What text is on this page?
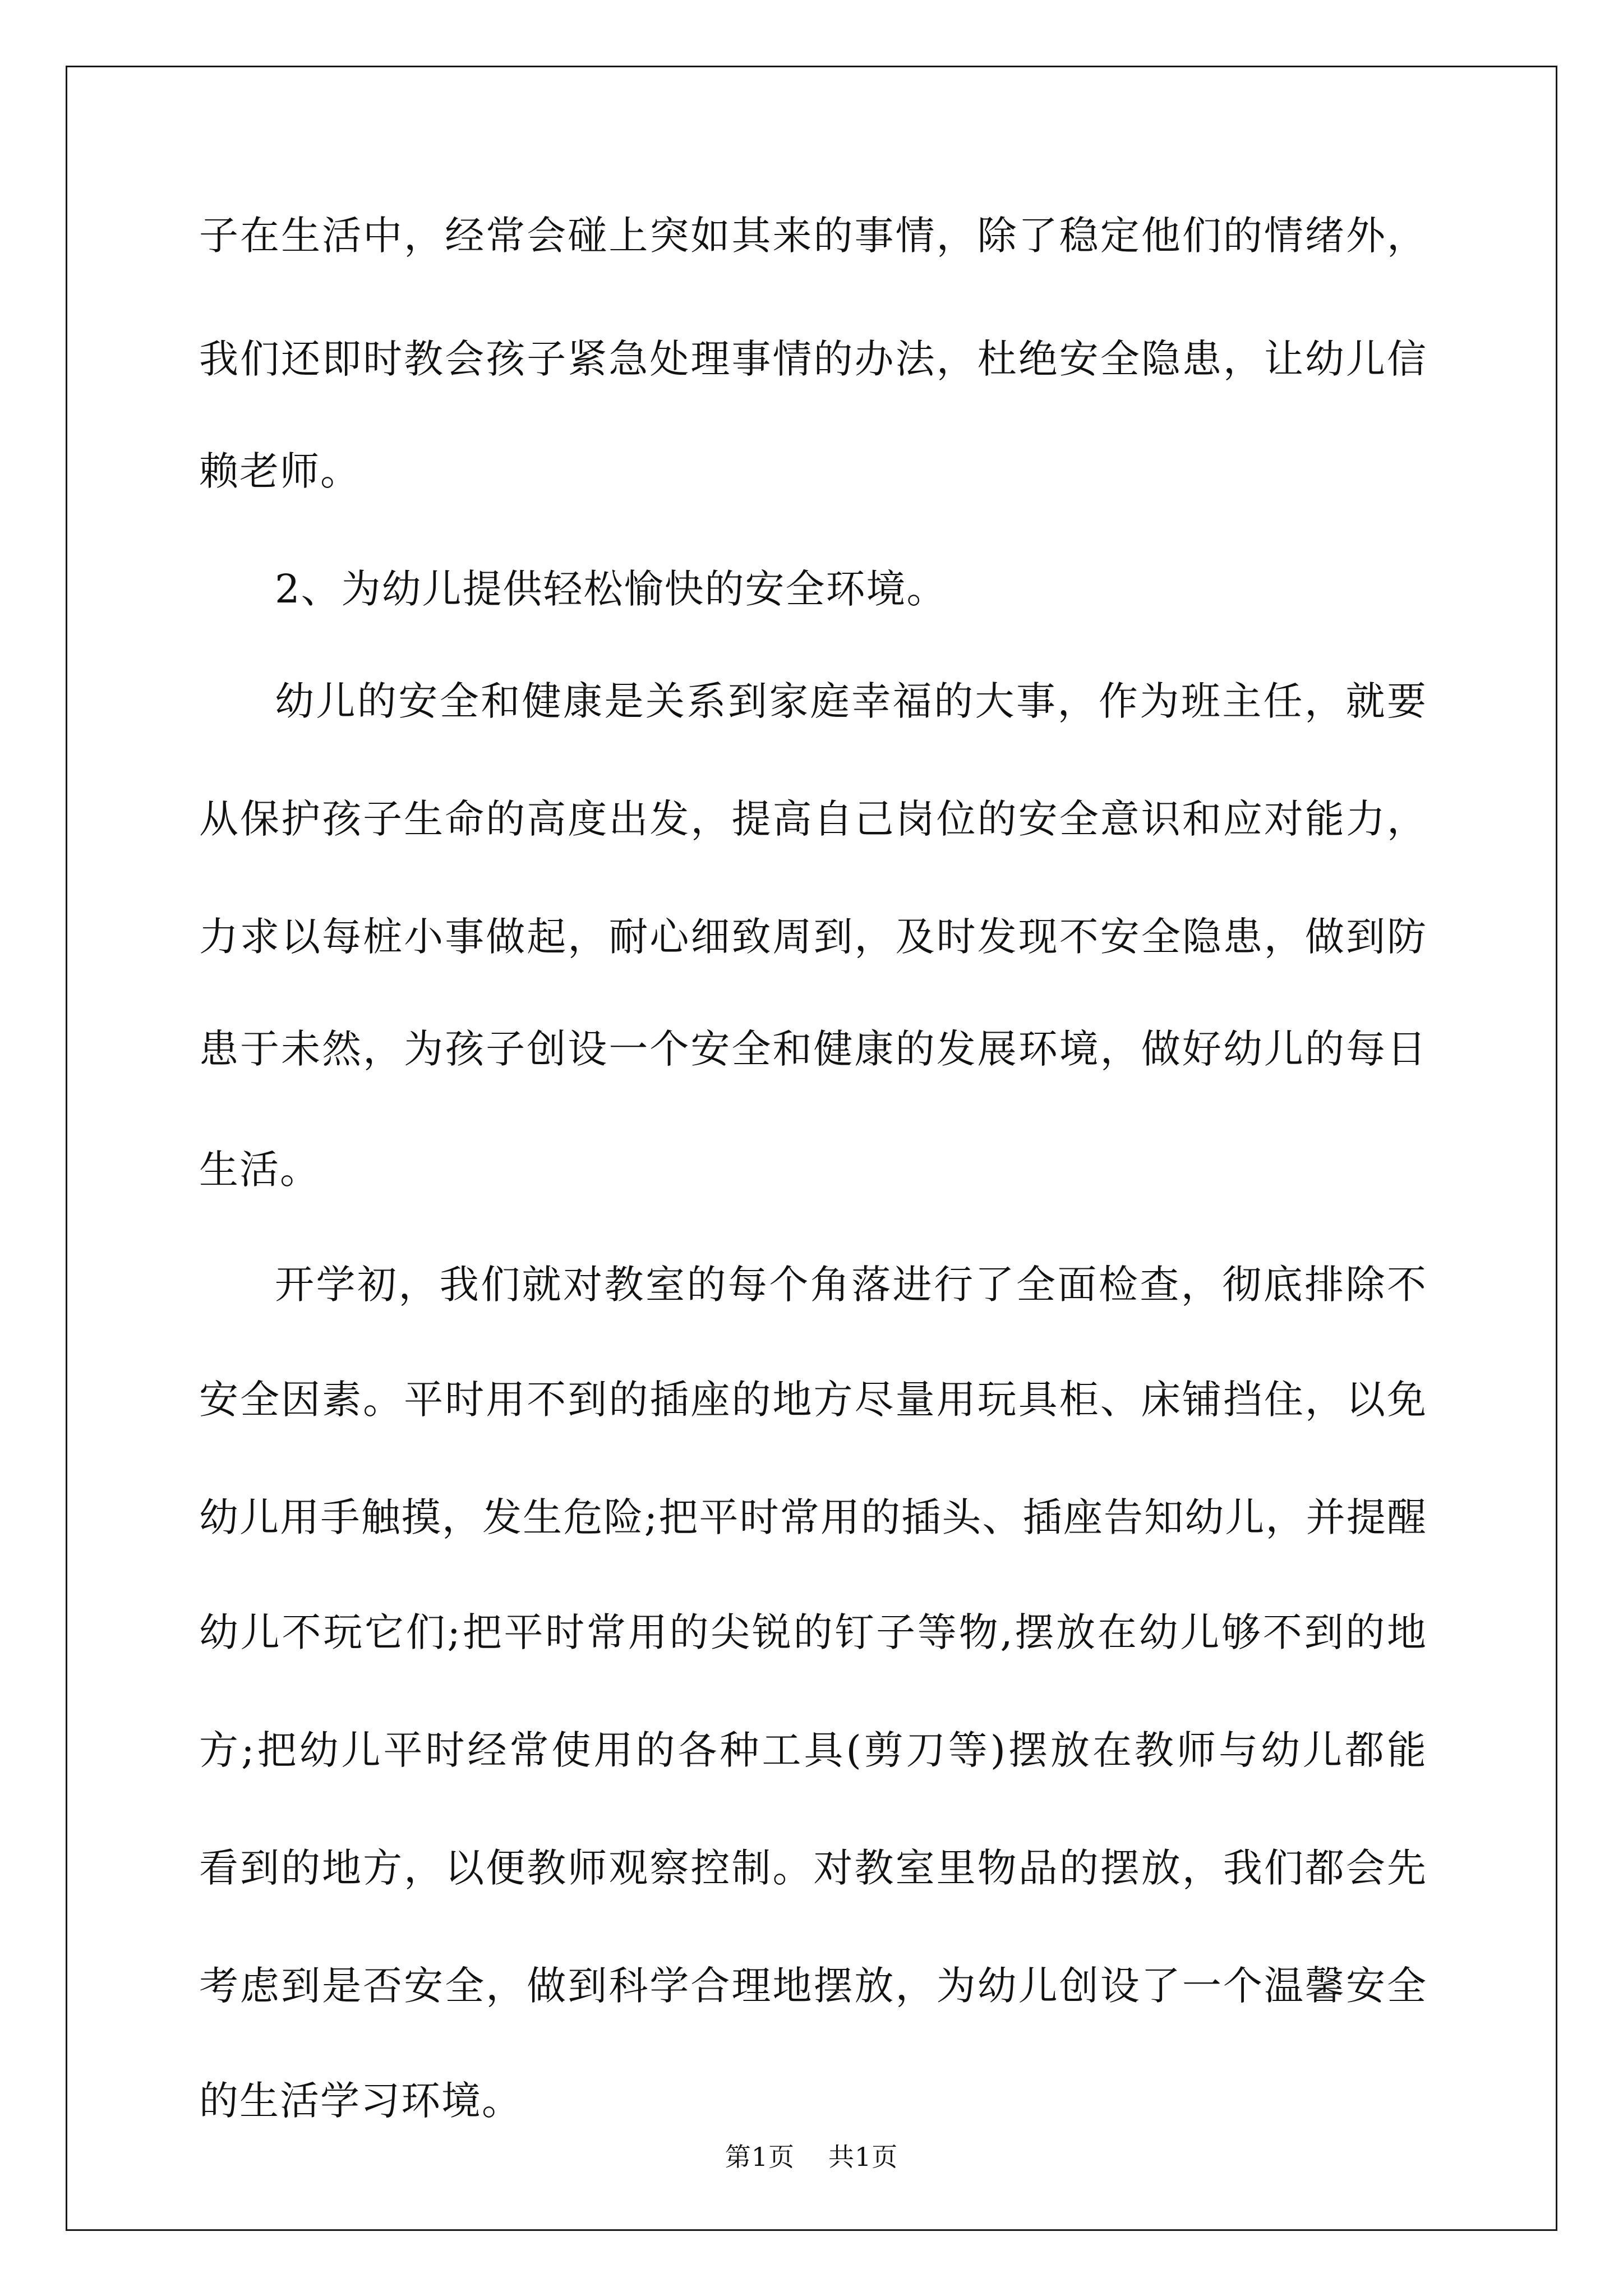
子在生活中，经常会碰上突如其来的事情，除了稳定他们的情绪外，
我们还即时教会孩子紧急处理事情的办法，杜绝安全隐患，让幼儿信
赖老师。
2、为幼儿提供轻松愉快的安全环境。
幼儿的安全和健康是关系到家庭幸福的大事，作为班主任，就要
从保护孩子生命的高度出发，提高自己岗位的安全意识和应对能力，
力求以每桩小事做起，耐心细致周到，及时发现不安全隐患，做到防
患于未然，为孩子创设一个安全和健康的发展环境，做好幼儿的每日
生活。
开学初，我们就对教室的每个角落进行了全面检查，彻底排除不
安全因素。平时用不到的插座的地方尽量用玩具柜、床铺挡住，以免
幼儿用手触摸，发生危险;把平时常用的插头、插座告知幼儿，并提醒
幼儿不玩它们;把平时常用的尖锐的钉子等物,摆放在幼儿够不到的地
方;把幼儿平时经常使用的各种工具(剪刀等)摆放在教师与幼儿都能
看到的地方，以便教师观察控制。对教室里物品的摆放，我们都会先
考虑到是否安全，做到科学合理地摆放，为幼儿创设了一个温馨安全
的生活学习环境。
第1页 共1页
